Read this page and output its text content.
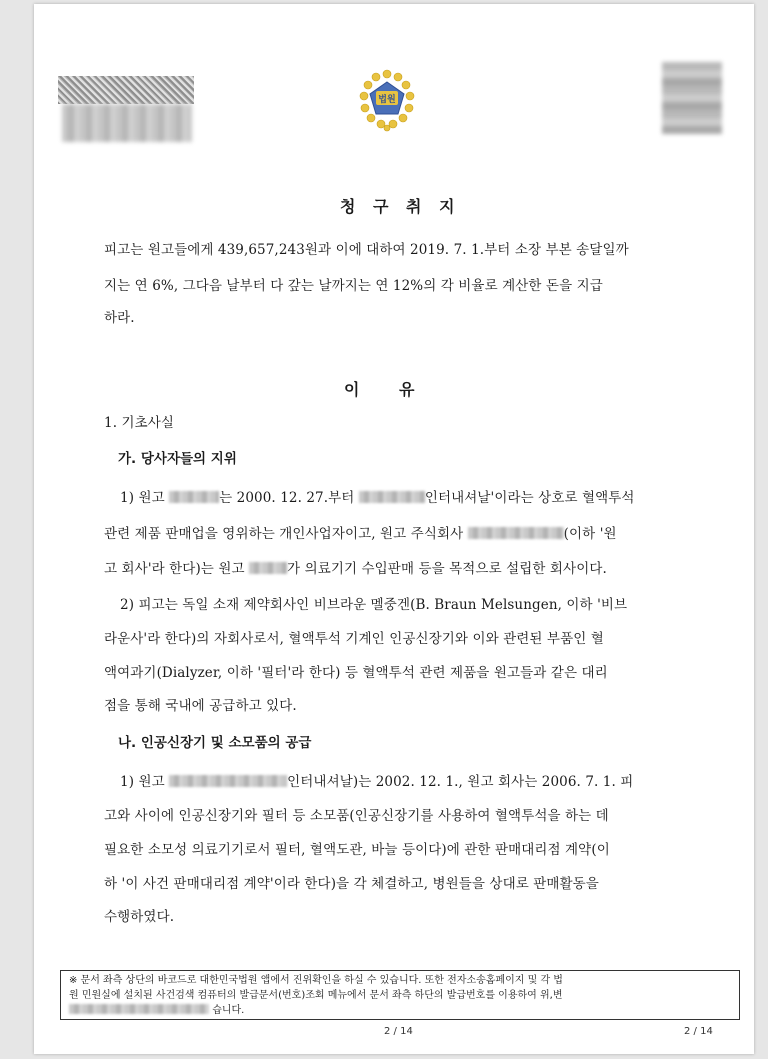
법원
청 구 취 지
피고는 원고들에게 439,657,243원과 이에 대하여 2019. 7. 1.부터 소장 부본 송달일까
지는 연 6%, 그다음 날부터 다 갚는 날까지는 연 12%의 각 비율로 계산한 돈을 지급
하라.
이 유
1. 기초사실
가. 당사자들의 지위
1) 원고	는 2000. 12. 27.부터	인터내셔날'이라는 상호로 혈액투석
관련 제품 판매업을 영위하는 개인사업자이고, 원고 주식회사	(이하 '원
고 회사'라 한다)는 원고	가 의료기기 수입판매 등을 목적으로 설립한 회사이다.
2) 피고는 독일 소재 제약회사인 비브라운 멜중겐(B. Braun Melsungen, 이하 '비브
라운사'라 한다)의 자회사로서, 혈액투석 기계인 인공신장기와 이와 관련된 부품인 혈
액여과기(Dialyzer, 이하 '필터'라 한다) 등 혈액투석 관련 제품을 원고들과 같은 대리
점을 통해 국내에 공급하고 있다.
나. 인공신장기 및 소모품의 공급
1) 원고	인터내셔날)는 2002. 12. 1., 원고 회사는 2006. 7. 1. 피
고와 사이에 인공신장기와 필터 등 소모품(인공신장기를 사용하여 혈액투석을 하는 데
필요한 소모성 의료기기로서 필터, 혈액도관, 바늘 등이다)에 관한 판매대리점 계약(이
하 '이 사건 판매대리점 계약'이라 한다)을 각 체결하고, 병원들을 상대로 판매활동을
수행하였다.
※ 문서 좌측 상단의 바코드로 대한민국법원 앱에서 진위확인을 하실 수 있습니다. 또한 전자소송홈페이지 및 각 법
원 민원실에 설치된 사건검색 컴퓨터의 발급문서(번호)조회 메뉴에서 문서 좌측 하단의 발급번호를 이용하여 위,변
습니다.
2 / 14	2 / 14
